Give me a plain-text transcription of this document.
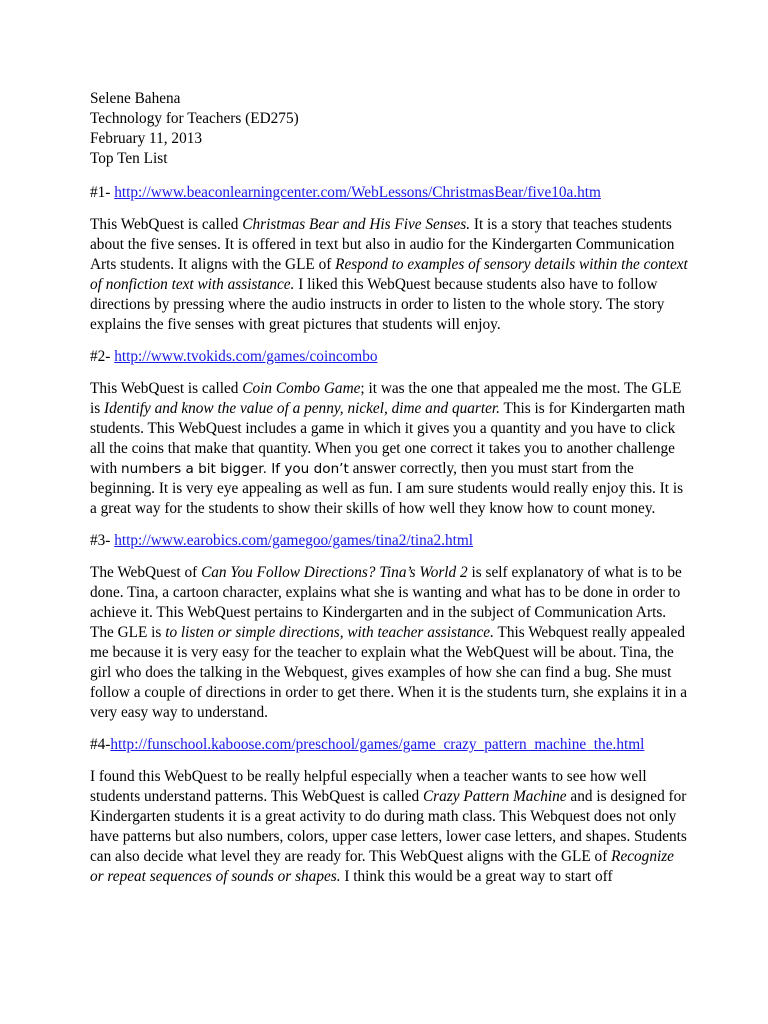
Selene Bahena
Technology for Teachers (ED275)
February 11, 2013
Top Ten List
#1- http://www.beaconlearningcenter.com/WebLessons/ChristmasBear/five10a.htm

This WebQuest is called Christmas Bear and His Five Senses. It is a story that teaches students about the five senses. It is offered in text but also in audio for the Kindergarten Communication Arts students. It aligns with the GLE of Respond to examples of sensory details within the context of nonfiction text with assistance. I liked this WebQuest because students also have to follow directions by pressing where the audio instructs in order to listen to the whole story. The story explains the five senses with great pictures that students will enjoy.

#2- http://www.tvokids.com/games/coincombo

This WebQuest is called Coin Combo Game; it was the one that appealed me the most. The GLE is Identify and know the value of a penny, nickel, dime and quarter. This is for Kindergarten math students. This WebQuest includes a game in which it gives you a quantity and you have to click all the coins that make that quantity. When you get one correct it takes you to another challenge with numbers a bit bigger. If you don’t answer correctly, then you must start from the beginning. It is very eye appealing as well as fun. I am sure students would really enjoy this. It is a great way for the students to show their skills of how well they know how to count money.

#3- http://www.earobics.com/gamegoo/games/tina2/tina2.html

The WebQuest of Can You Follow Directions? Tina’s World 2 is self explanatory of what is to be done. Tina, a cartoon character, explains what she is wanting and what has to be done in order to achieve it. This WebQuest pertains to Kindergarten and in the subject of Communication Arts. The GLE is to listen or simple directions, with teacher assistance. This Webquest really appealed me because it is very easy for the teacher to explain what the WebQuest will be about. Tina, the girl who does the talking in the Webquest, gives examples of how she can find a bug. She must follow a couple of directions in order to get there. When it is the students turn, she explains it in a very easy way to understand.

#4-http://funschool.kaboose.com/preschool/games/game_crazy_pattern_machine_the.html

I found this WebQuest to be really helpful especially when a teacher wants to see how well students understand patterns. This WebQuest is called Crazy Pattern Machine and is designed for Kindergarten students it is a great activity to do during math class. This Webquest does not only have patterns but also numbers, colors, upper case letters, lower case letters, and shapes. Students can also decide what level they are ready for. This WebQuest aligns with the GLE of Recognize or repeat sequences of sounds or shapes. I think this would be a great way to start off
